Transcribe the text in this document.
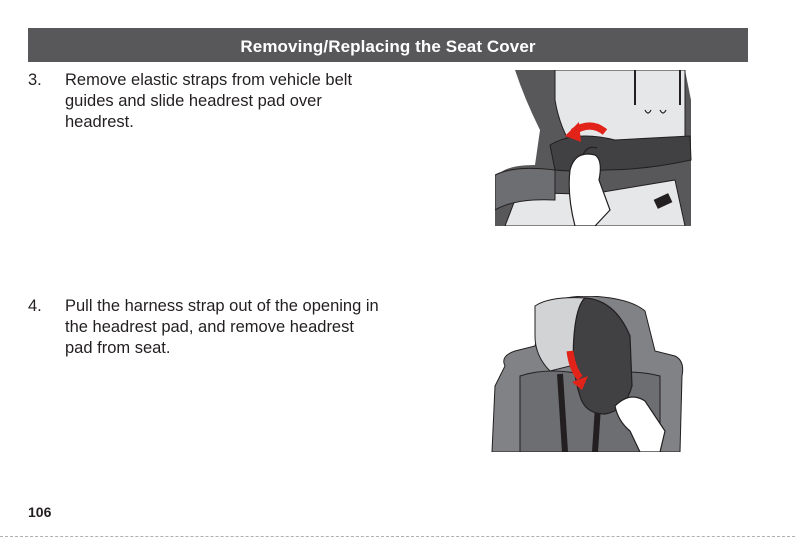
Removing/Replacing the Seat Cover
3. Remove elastic straps from vehicle belt guides and slide headrest pad over headrest.
4. Pull the harness strap out of the opening in the headrest pad, and remove headrest pad from seat.
106
